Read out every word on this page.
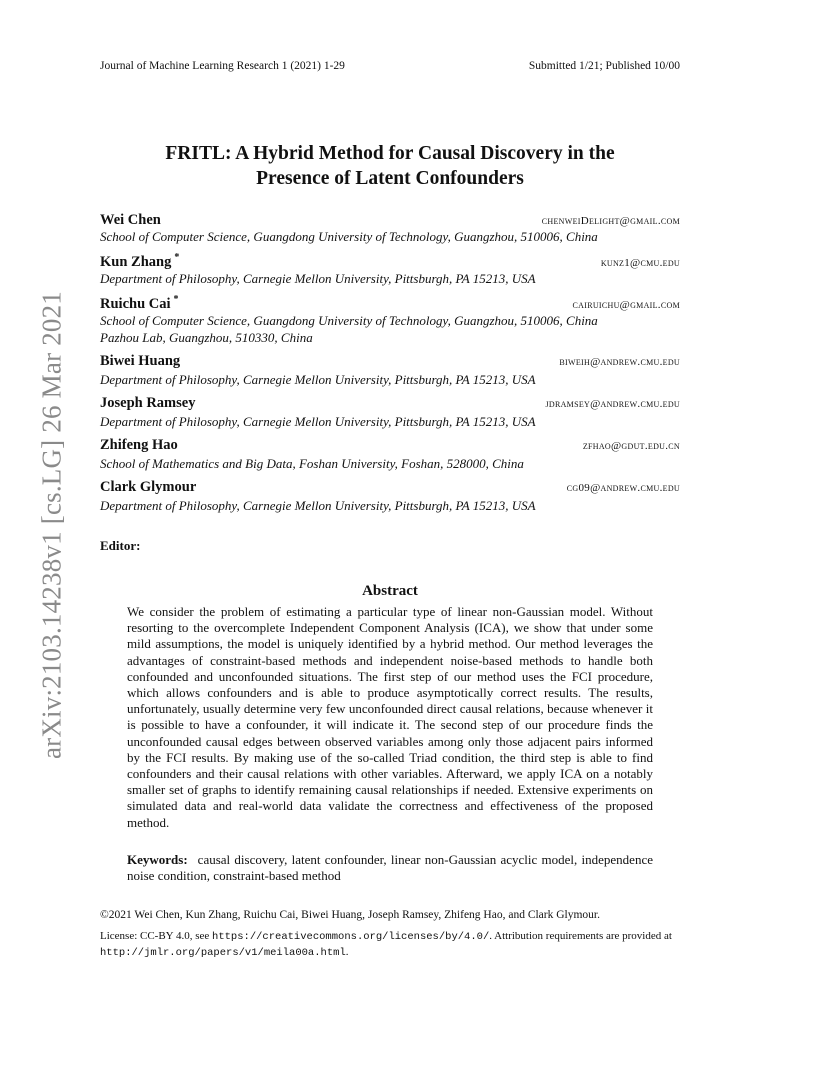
arXiv:2103.14238v1 [cs.LG] 26 Mar 2021
Journal of Machine Learning Research 1 (2021) 1-29	Submitted 1/21; Published 10/00
FRITL: A Hybrid Method for Causal Discovery in the
Presence of Latent Confounders
Wei Chen	chenweiDelight@gmail.com
School of Computer Science, Guangdong University of Technology, Guangzhou, 510006, China
Kun Zhang *	kunz1@cmu.edu
Department of Philosophy, Carnegie Mellon University, Pittsburgh, PA 15213, USA
Ruichu Cai *	cairuichu@gmail.com
School of Computer Science, Guangdong University of Technology, Guangzhou, 510006, China
Pazhou Lab, Guangzhou, 510330, China
Biwei Huang	biweih@andrew.cmu.edu
Department of Philosophy, Carnegie Mellon University, Pittsburgh, PA 15213, USA
Joseph Ramsey	jdramsey@andrew.cmu.edu
Department of Philosophy, Carnegie Mellon University, Pittsburgh, PA 15213, USA
Zhifeng Hao	zfhao@gdut.edu.cn
School of Mathematics and Big Data, Foshan University, Foshan, 528000, China
Clark Glymour	cg09@andrew.cmu.edu
Department of Philosophy, Carnegie Mellon University, Pittsburgh, PA 15213, USA
Editor:
Abstract
We consider the problem of estimating a particular type of linear non-Gaussian model. Without resorting to the overcomplete Independent Component Analysis (ICA), we show that under some mild assumptions, the model is uniquely identified by a hybrid method. Our method leverages the advantages of constraint-based methods and independent noise-based methods to handle both confounded and unconfounded situations. The first step of our method uses the FCI procedure, which allows confounders and is able to produce asymptotically correct results. The results, unfortunately, usually determine very few unconfounded direct causal relations, because whenever it is possible to have a confounder, it will indicate it. The second step of our procedure finds the unconfounded causal edges between observed variables among only those adjacent pairs informed by the FCI results. By making use of the so-called Triad condition, the third step is able to find confounders and their causal relations with other variables. Afterward, we apply ICA on a notably smaller set of graphs to identify remaining causal relationships if needed. Extensive experiments on simulated data and real-world data validate the correctness and effectiveness of the proposed method.
Keywords: causal discovery, latent confounder, linear non-Gaussian acyclic model, independence noise condition, constraint-based method
©2021 Wei Chen, Kun Zhang, Ruichu Cai, Biwei Huang, Joseph Ramsey, Zhifeng Hao, and Clark Glymour.
License: CC-BY 4.0, see https://creativecommons.org/licenses/by/4.0/. Attribution requirements are provided at http://jmlr.org/papers/v1/meila00a.html.
